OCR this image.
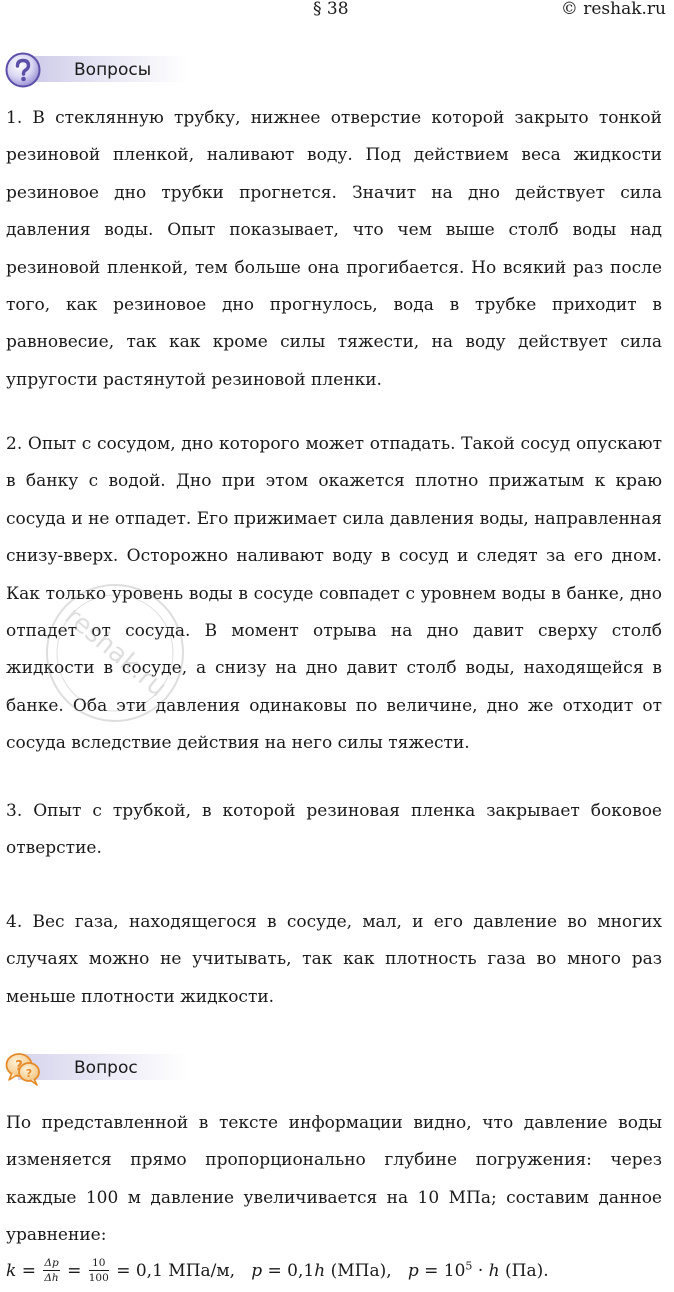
§ 38	© reshak.ru
Вопросы

1. В стеклянную трубку, нижнее отверстие которой закрыто тонкой резиновой пленкой, наливают воду. Под действием веса жидкости резиновое дно трубки прогнется. Значит на дно действует сила давления воды. Опыт показывает, что чем выше столб воды над резиновой пленкой, тем больше она прогибается. Но всякий раз после того, как резиновое дно прогнулось, вода в трубке приходит в равновесие, так как кроме силы тяжести, на воду действует сила упругости растянутой резиновой пленки.

2. Опыт с сосудом, дно которого может отпадать. Такой сосуд опускают в банку с водой. Дно при этом окажется плотно прижатым к краю сосуда и не отпадет. Его прижимает сила давления воды, направленная снизу-вверх. Осторожно наливают воду в сосуд и следят за его дном. Как только уровень воды в сосуде совпадет с уровнем воды в банке, дно отпадет от сосуда. В момент отрыва на дно давит сверху столб жидкости в сосуде, а снизу на дно давит столб воды, находящейся в банке. Оба эти давления одинаковы по величине, дно же отходит от сосуда вследствие действия на него силы тяжести.

3. Опыт с трубкой, в которой резиновая пленка закрывает боковое отверстие.

4. Вес газа, находящегося в сосуде, мал, и его давление во многих случаях можно не учитывать, так как плотность газа во много раз меньше плотности жидкости.

reshak.ru
? ? Вопрос

По представленной в тексте информации видно, что давление воды изменяется прямо пропорционально глубине погружения: через каждые 100 м давление увеличивается на 10 МПа; составим данное уравнение:

$k = \frac{\Delta p}{\Delta h} = \frac{10}{100} = 0,1$ МПа/м, p = 0,1h (МПа), $p = 10^5 \cdot h$ (Па).
